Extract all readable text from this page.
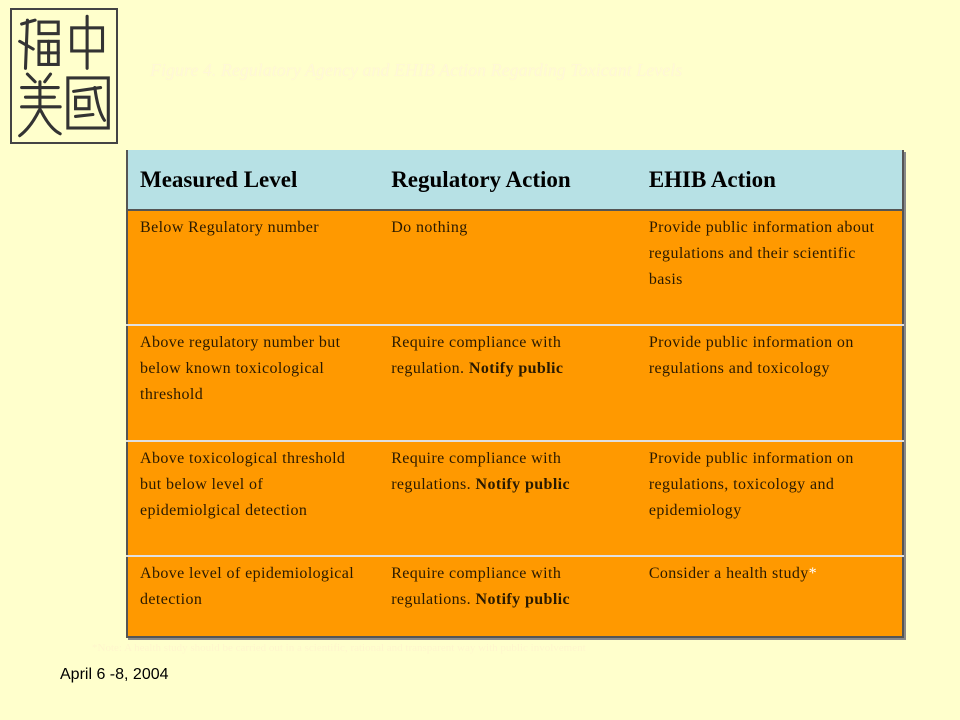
Figure 4. Regulatory Agency and EHIB Action Regarding Toxicant Levels
Measured Level	Regulatory Action	EHIB Action
Below Regulatory number	Do nothing	Provide public information about regulations and their scientific basis
Above regulatory number but below known toxicological threshold	Require compliance with regulation. Notify public	Provide public information on regulations and toxicology
Above toxicological threshold but below level of epidemiolgical detection	Require compliance with regulations. Notify public	Provide public information on regulations, toxicology and epidemiology
Above level of epidemiological detection	Require compliance with regulations. Notify public	Consider a health study*
*Note: A health study should be carried out in a scientific, rational and transparent way with public involvement
April 6 -8, 2004
